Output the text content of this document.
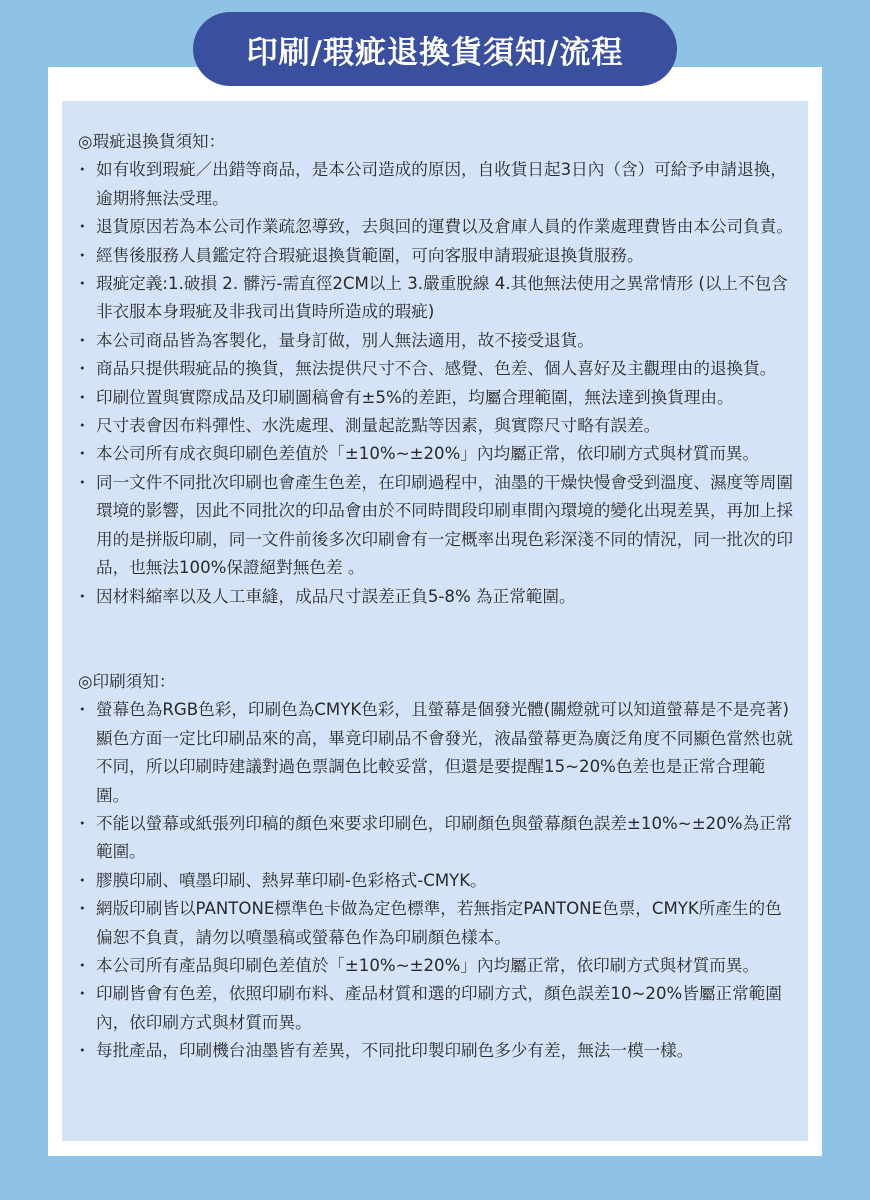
印刷/瑕疵退換貨須知/流程
◎瑕疵退換貨須知：
・ 如有收到瑕疵／出錯等商品，是本公司造成的原因，自收貨日起3日內（含）可給予申請退換，逾期將無法受理。
・ 退貨原因若為本公司作業疏忽導致，去與回的運費以及倉庫人員的作業處理費皆由本公司負責。
・ 經售後服務人員鑑定符合瑕疵退換貨範圍，可向客服申請瑕疵退換貨服務。
・ 瑕疵定義:1.破損 2. 髒污-需直徑2CM以上 3.嚴重脫線 4.其他無法使用之異常情形 (以上不包含非衣服本身瑕疵及非我司出貨時所造成的瑕疵)
・ 本公司商品皆為客製化，量身訂做，別人無法適用，故不接受退貨。
・ 商品只提供瑕疵品的換貨，無法提供尺寸不合、感覺、色差、個人喜好及主觀理由的退換貨。
・ 印刷位置與實際成品及印刷圖稿會有±5%的差距，均屬合理範圍，無法達到換貨理由。
・ 尺寸表會因布料彈性、水洗處理、測量起訖點等因素，與實際尺寸略有誤差。
・ 本公司所有成衣與印刷色差值於「±10%~±20%」內均屬正常，依印刷方式與材質而異。
・ 同一文件不同批次印刷也會產生色差，在印刷過程中，油墨的干燥快慢會受到溫度、濕度等周圍環境的影響，因此不同批次的印品會由於不同時間段印刷車間內環境的變化出現差異，再加上採用的是拼版印刷，同一文件前後多次印刷會有一定概率出現色彩深淺不同的情況，同一批次的印品，也無法100%保證絕對無色差 。
・ 因材料縮率以及人工車縫，成品尺寸誤差正負5-8% 為正常範圍。
◎印刷須知：
・ 螢幕色為RGB色彩，印刷色為CMYK色彩，且螢幕是個發光體(關燈就可以知道螢幕是不是亮著)顯色方面一定比印刷品來的高，畢竟印刷品不會發光，液晶螢幕更為廣泛角度不同顯色當然也就不同，所以印刷時建議對過色票調色比較妥當，但還是要提醒15~20%色差也是正常合理範圍。
・ 不能以螢幕或紙張列印稿的顏色來要求印刷色，印刷顏色與螢幕顏色誤差±10%~±20%為正常範圍。
・ 膠膜印刷、噴墨印刷、熱昇華印刷-色彩格式-CMYK。
・ 網版印刷皆以PANTONE標準色卡做為定色標準，若無指定PANTONE色票，CMYK所產生的色偏恕不負責，請勿以噴墨稿或螢幕色作為印刷顏色樣本。
・ 本公司所有產品與印刷色差值於「±10%~±20%」內均屬正常，依印刷方式與材質而異。
・ 印刷皆會有色差，依照印刷布料、產品材質和選的印刷方式，顏色誤差10~20%皆屬正常範圍內，依印刷方式與材質而異。
・ 每批產品，印刷機台油墨皆有差異，不同批印製印刷色多少有差，無法一模一樣。
